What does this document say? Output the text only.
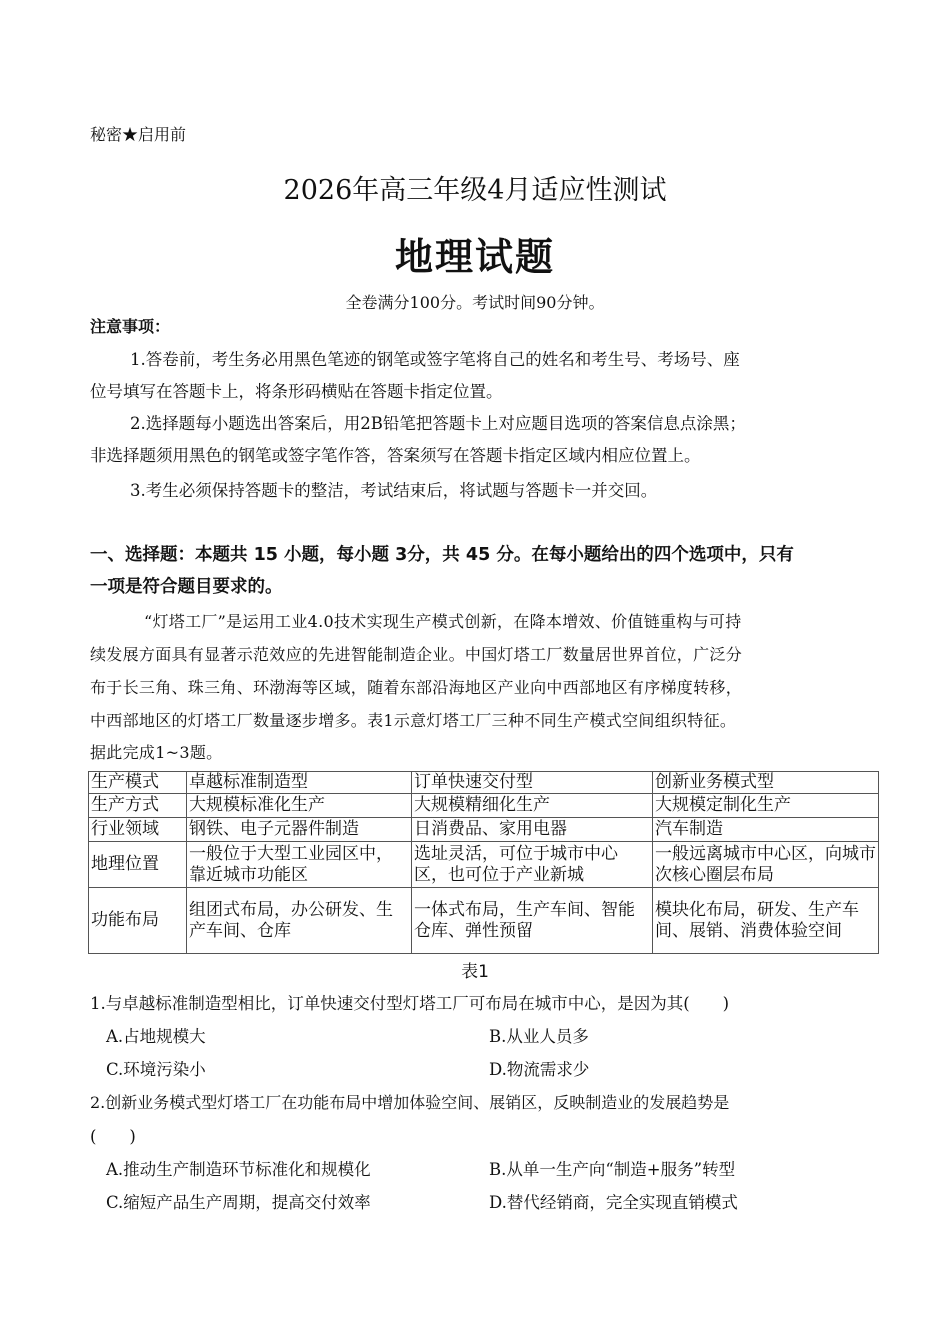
秘密★启用前
2026年高三年级4月适应性测试
地理试题
全卷满分100分。考试时间90分钟。
注意事项：
1.答卷前，考生务必用黑色笔迹的钢笔或签字笔将自己的姓名和考生号、考场号、座
位号填写在答题卡上，将条形码横贴在答题卡指定位置。
2.选择题每小题选出答案后，用2B铅笔把答题卡上对应题目选项的答案信息点涂黑；
非选择题须用黑色的钢笔或签字笔作答，答案须写在答题卡指定区域内相应位置上。
3.考生必须保持答题卡的整洁，考试结束后，将试题与答题卡一并交回。
一、选择题：本题共 15 小题，每小题 3分，共 45 分。在每小题给出的四个选项中，只有
一项是符合题目要求的。
“灯塔工厂”是运用工业4.0技术实现生产模式创新，在降本增效、价值链重构与可持
续发展方面具有显著示范效应的先进智能制造企业。中国灯塔工厂数量居世界首位，广泛分
布于长三角、珠三角、环渤海等区域，随着东部沿海地区产业向中西部地区有序梯度转移，
中西部地区的灯塔工厂数量逐步增多。表1示意灯塔工厂三种不同生产模式空间组织特征。
据此完成1~3题。
生产模式	卓越标准制造型	订单快速交付型	创新业务模式型
生产方式	大规模标准化生产	大规模精细化生产	大规模定制化生产
行业领域	钢铁、电子元器件制造	日消费品、家用电器	汽车制造
地理位置	一般位于大型工业园区中，靠近城市功能区	选址灵活，可位于城市中心区，也可位于产业新城	一般远离城市中心区，向城市次核心圈层布局
功能布局	组团式布局，办公研发、生产车间、仓库	一体式布局，生产车间、智能仓库、弹性预留	模块化布局，研发、生产车间、展销、消费体验空间
表1
1.与卓越标准制造型相比，订单快速交付型灯塔工厂可布局在城市中心，是因为其(　　)
A.占地规模大	B.从业人员多
C.环境污染小	D.物流需求少
2.创新业务模式型灯塔工厂在功能布局中增加体验空间、展销区，反映制造业的发展趋势是
(　　)
A.推动生产制造环节标准化和规模化	B.从单一生产向“制造+服务”转型
C.缩短产品生产周期，提高交付效率	D.替代经销商，完全实现直销模式
